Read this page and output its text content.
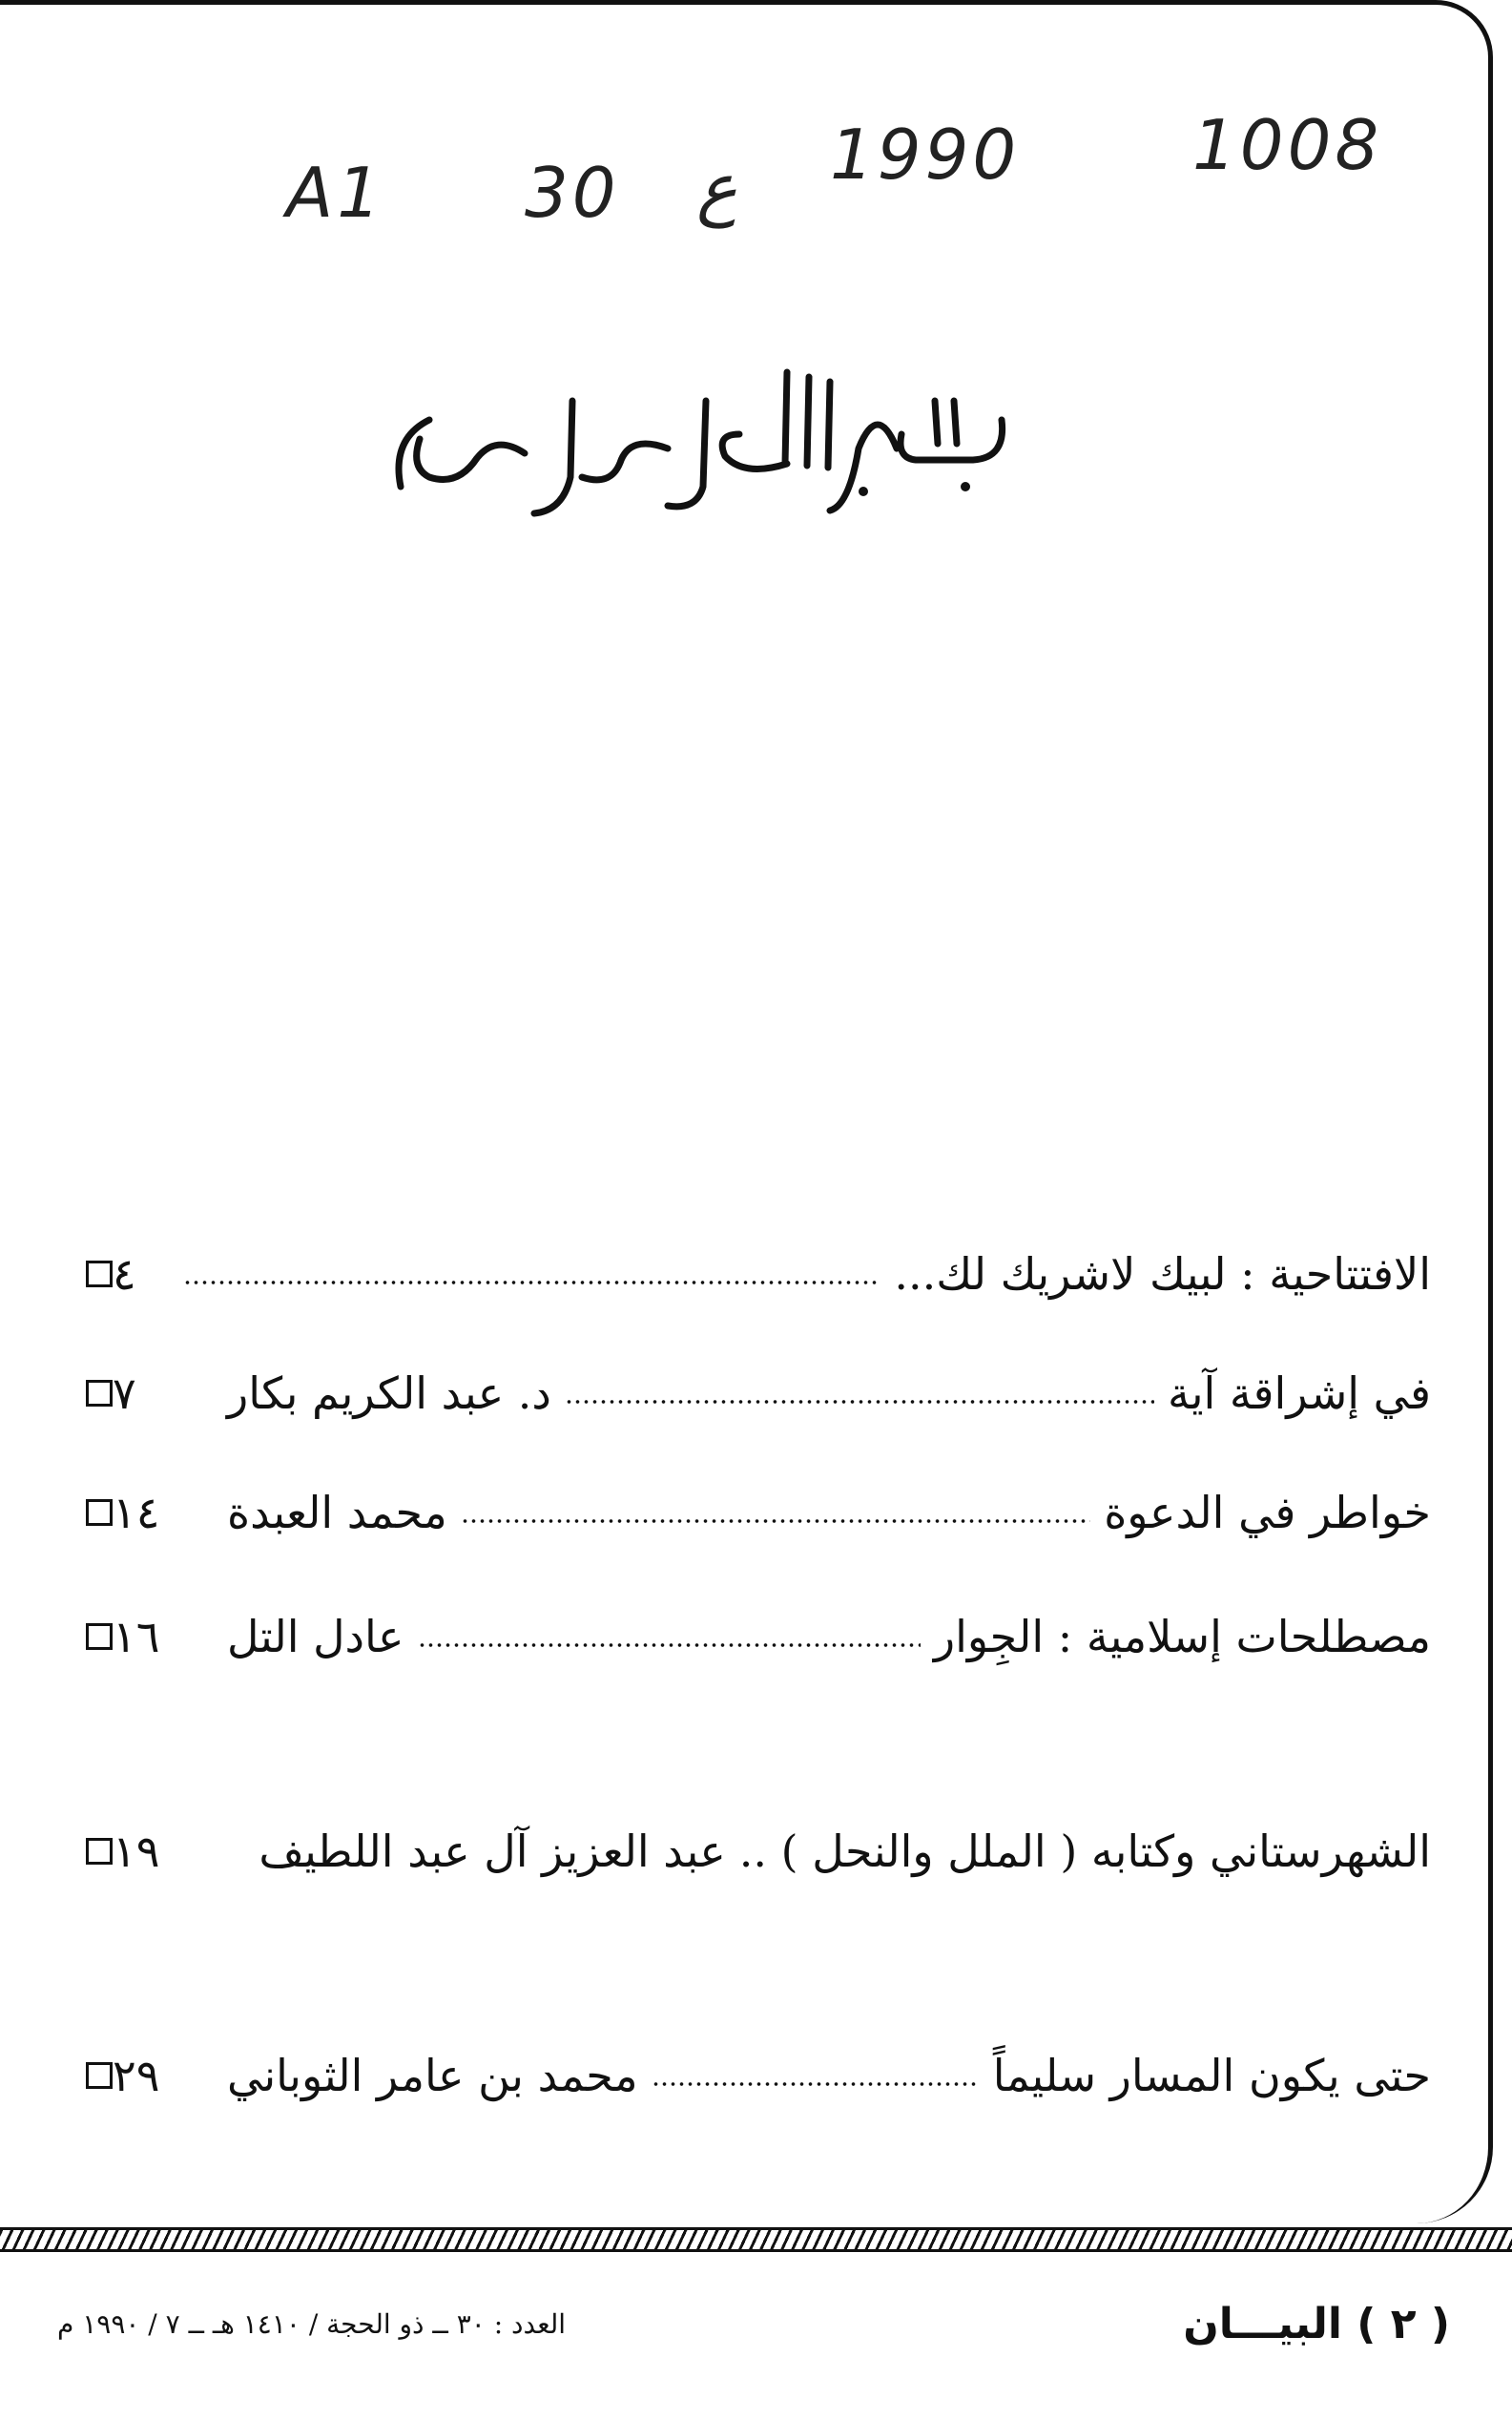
A1 30 ع 1990	1008
الافتتاحية : لبيك لاشريك لك...
٤
في إشراقة آية
د. عبد الكريم بكار
٧
خواطر في الدعوة
محمد العبدة
١٤
مصطلحات إسلامية : الجِوار
عادل التل
١٦
الشهرستاني وكتابه ( الملل والنحل ) ..
عبد العزيز آل عبد اللطيف
١٩
حتى يكون المسار سليماً
محمد بن عامر الثوباني
٢٩
( ٢ ) البيـــان
العدد : ٣٠ ــ ذو الحجة / ١٤١٠ هـ ــ ٧ / ١٩٩٠ م
